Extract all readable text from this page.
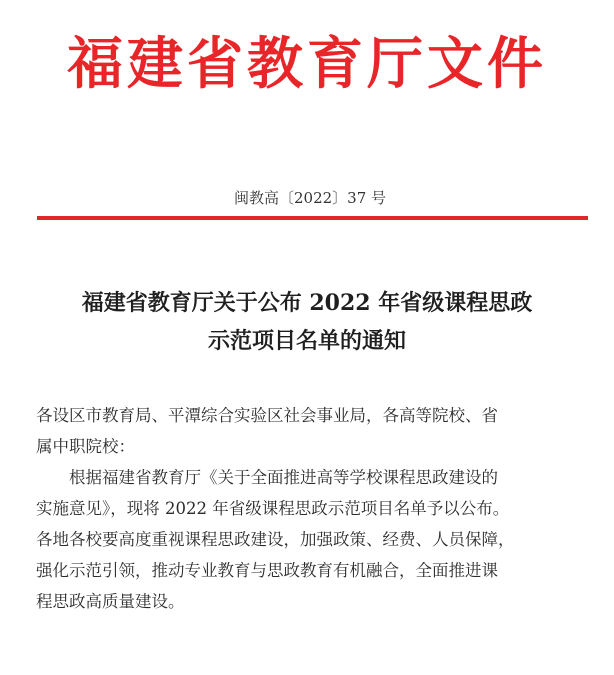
福建省教育厅文件
闽教高〔2022〕37 号
福建省教育厅关于公布 2022 年省级课程思政
示范项目名单的通知
各设区市教育局、平潭综合实验区社会事业局，各高等院校、省
属中职院校：
根据福建省教育厅《关于全面推进高等学校课程思政建设的
实施意见》，现将 2022 年省级课程思政示范项目名单予以公布。
各地各校要高度重视课程思政建设，加强政策、经费、人员保障，
强化示范引领，推动专业教育与思政教育有机融合，全面推进课
程思政高质量建设。
